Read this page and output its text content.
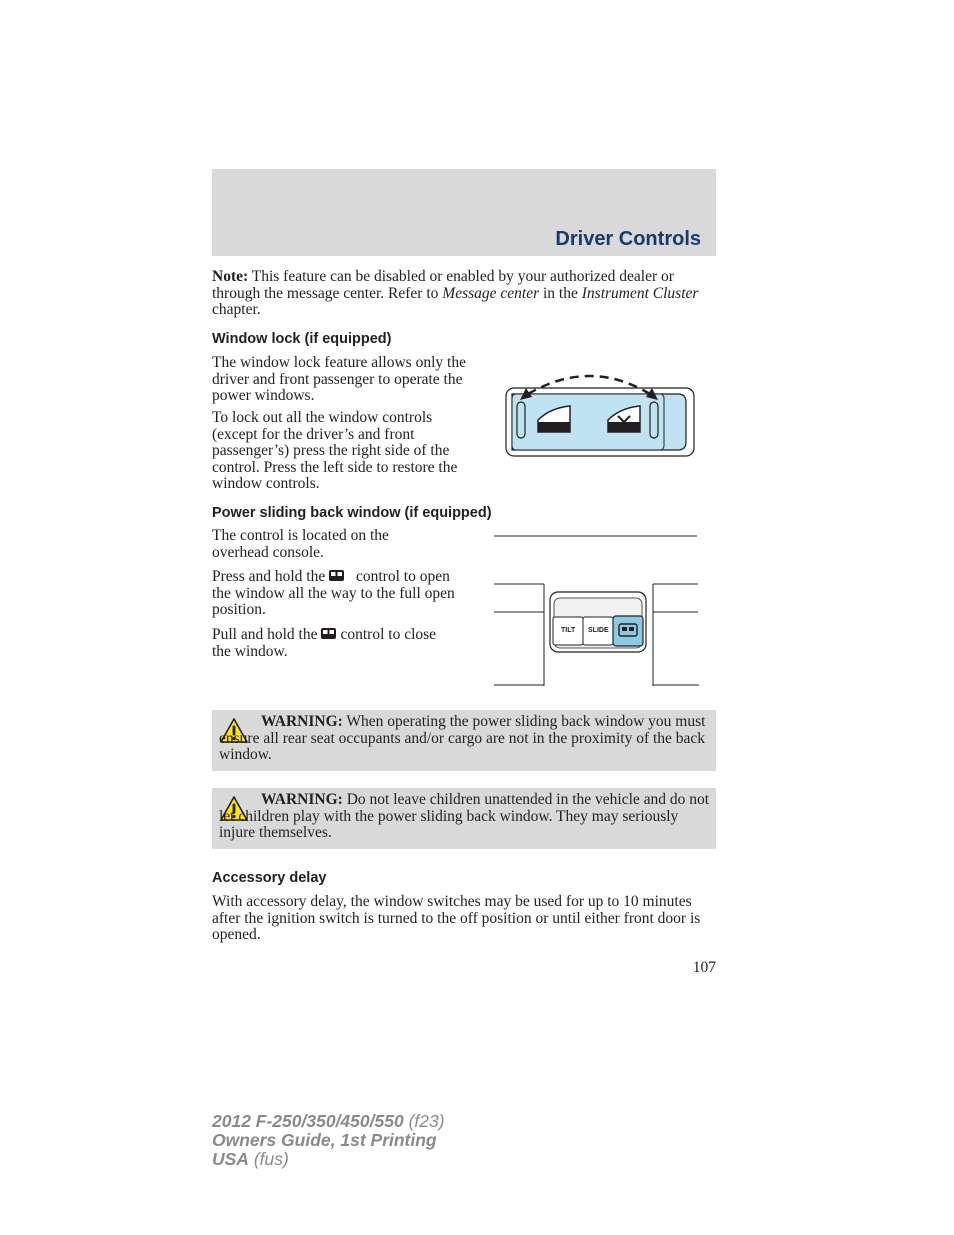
Driver Controls
Note: This feature can be disabled or enabled by your authorized dealer or through the message center. Refer to Message center in the Instrument Cluster chapter.
Window lock (if equipped)
The window lock feature allows only the driver and front passenger to operate the power windows.
To lock out all the window controls (except for the driver’s and front passenger’s) press the right side of the control. Press the left side to restore the window controls.
Power sliding back window (if equipped)
The control is located on the overhead console.
Press and hold the control to open the window all the way to the full open position.
Pull and hold the control to close the window.
TILT SLIDE
WARNING: When operating the power sliding back window you must ensure all rear seat occupants and/or cargo are not in the proximity of the back window.
WARNING: Do not leave children unattended in the vehicle and do not let children play with the power sliding back window. They may seriously injure themselves.
Accessory delay
With accessory delay, the window switches may be used for up to 10 minutes after the ignition switch is turned to the off position or until either front door is opened.
107
2012 F-250/350/450/550 (f23)
Owners Guide, 1st Printing
USA (fus)
